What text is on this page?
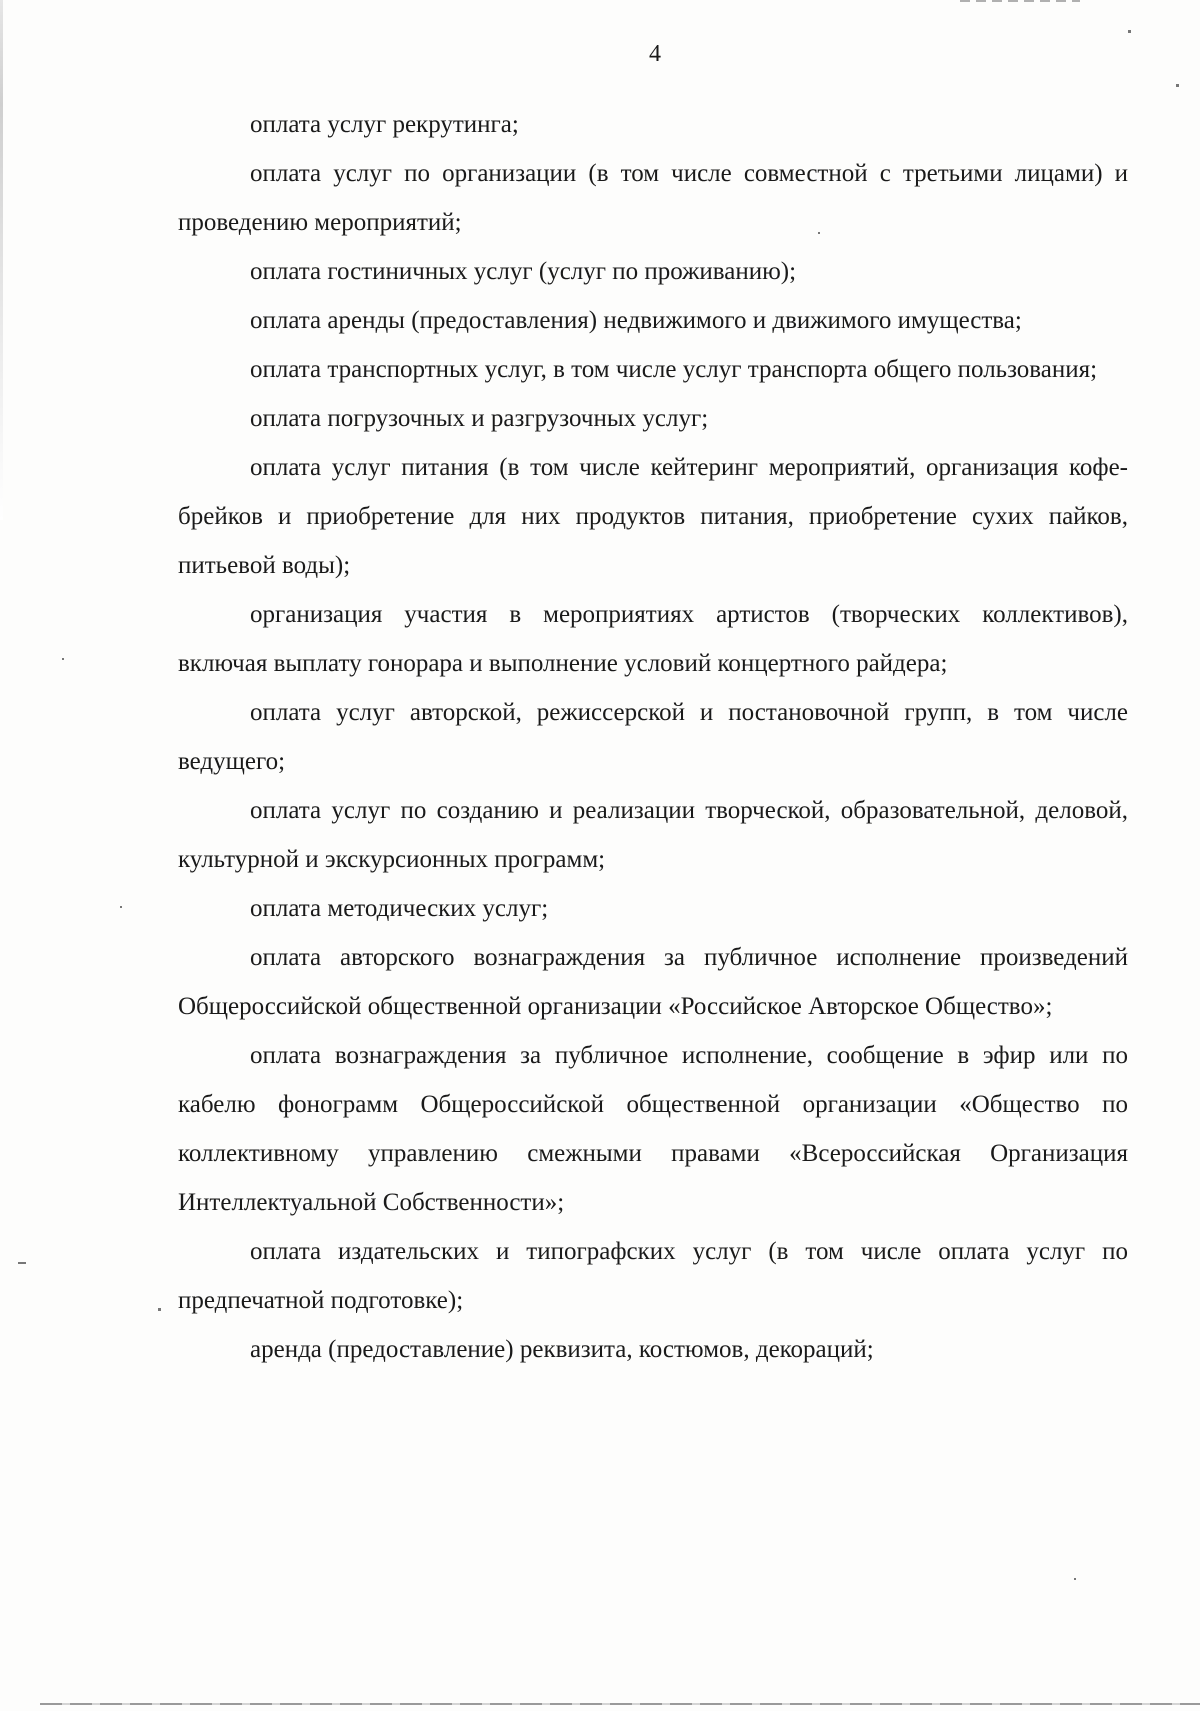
4

оплата услуг рекрутинга;

оплата услуг по организации (в том числе совместной с третьими лицами) и проведению мероприятий;

оплата гостиничных услуг (услуг по проживанию);

оплата аренды (предоставления) недвижимого и движимого имущества;

оплата транспортных услуг, в том числе услуг транспорта общего пользования;

оплата погрузочных и разгрузочных услуг;

оплата услуг питания (в том числе кейтеринг мероприятий, организация кофе-брейков и приобретение для них продуктов питания, приобретение сухих пайков, питьевой воды);

организация участия в мероприятиях артистов (творческих коллективов), включая выплату гонорара и выполнение условий концертного райдера;

оплата услуг авторской, режиссерской и постановочной групп, в том числе ведущего;

оплата услуг по созданию и реализации творческой, образовательной, деловой, культурной и экскурсионных программ;

оплата методических услуг;

оплата авторского вознаграждения за публичное исполнение произведений Общероссийской общественной организации «Российское Авторское Общество»;

оплата вознаграждения за публичное исполнение, сообщение в эфир или по кабелю фонограмм Общероссийской общественной организации «Общество по коллективному управлению смежными правами «Всероссийская Организация Интеллектуальной Собственности»;

оплата издательских и типографских услуг (в том числе оплата услуг по предпечатной подготовке);

аренда (предоставление) реквизита, костюмов, декораций;
